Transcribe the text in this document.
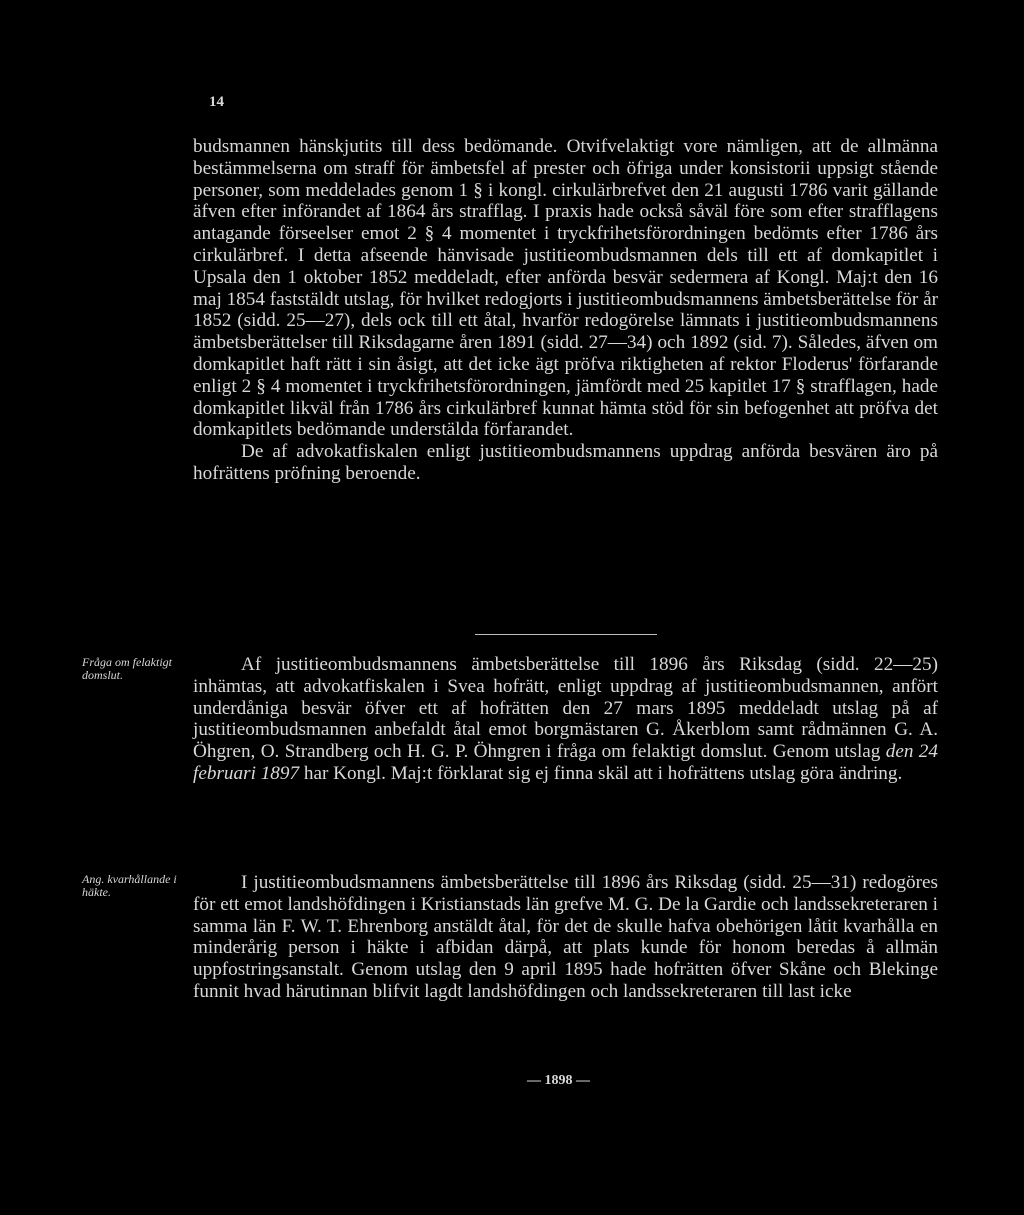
14

budsmannen hänskjutits till dess bedömande. Otvifvelaktigt vore nämligen, att de allmänna bestämmelserna om straff för ämbetsfel af prester och öfriga under konsistorii uppsigt stående personer, som meddelades genom 1 § i kongl. cirkulärbrefvet den 21 augusti 1786 varit gällande äfven efter införandet af 1864 års strafflag. I praxis hade också såväl före som efter strafflagens antagande förseelser emot 2 § 4 momentet i tryckfrihetsförordningen bedömts efter 1786 års cirkulärbref. I detta afseende hänvisade justitieombudsmannen dels till ett af domkapitlet i Upsala den 1 oktober 1852 meddeladt, efter anförda besvär sedermera af Kongl. Maj:t den 16 maj 1854 faststäldt utslag, för hvilket redogjorts i justitieombudsmannens ämbetsberättelse för år 1852 (sidd. 25—27), dels ock till ett åtal, hvarför redogörelse lämnats i justitieombudsmannens ämbetsberättelser till Riksdagarne åren 1891 (sidd. 27—34) och 1892 (sid. 7). Således, äfven om domkapitlet haft rätt i sin åsigt, att det icke ägt pröfva riktigheten af rektor Floderus' förfarande enligt 2 § 4 momentet i tryckfrihetsförordningen, jämfördt med 25 kapitlet 17 § strafflagen, hade domkapitlet likväl från 1786 års cirkulärbref kunnat hämta stöd för sin befogenhet att pröfva det domkapitlets bedömande understälda förfarandet.

De af advokatfiskalen enligt justitieombudsmannens uppdrag anförda besvären äro på hofrättens pröfning beroende.

Fråga om felaktigt domslut.	Af justitieombudsmannens ämbetsberättelse till 1896 års Riksdag (sidd. 22—25) inhämtas, att advokatfiskalen i Svea hofrätt, enligt uppdrag af justitieombudsmannen, anfört underdåniga besvär öfver ett af hofrätten den 27 mars 1895 meddeladt utslag på af justitieombudsmannen anbefaldt åtal emot borgmästaren G. Åkerblom samt rådmännen G. A. Öhgren, O. Strandberg och H. G. P. Öhngren i fråga om felaktigt domslut. Genom utslag den 24 februari 1897 har Kongl. Maj:t förklarat sig ej finna skäl att i hofrättens utslag göra ändring.

Ang. kvarhållande i häkte.	I justitieombudsmannens ämbetsberättelse till 1896 års Riksdag (sidd. 25—31) redogöres för ett emot landshöfdingen i Kristianstads län grefve M. G. De la Gardie och landssekreteraren i samma län F. W. T. Ehrenborg anstäldt åtal, för det de skulle hafva obehörigen låtit kvarhålla en minderårig person i häkte i afbidan därpå, att plats kunde för honom beredas å allmän uppfostringsanstalt. Genom utslag den 9 april 1895 hade hofrätten öfver Skåne och Blekinge funnit hvad härutinnan blifvit lagdt landshöfdingen och landssekreteraren till last icke

— 1898 —
